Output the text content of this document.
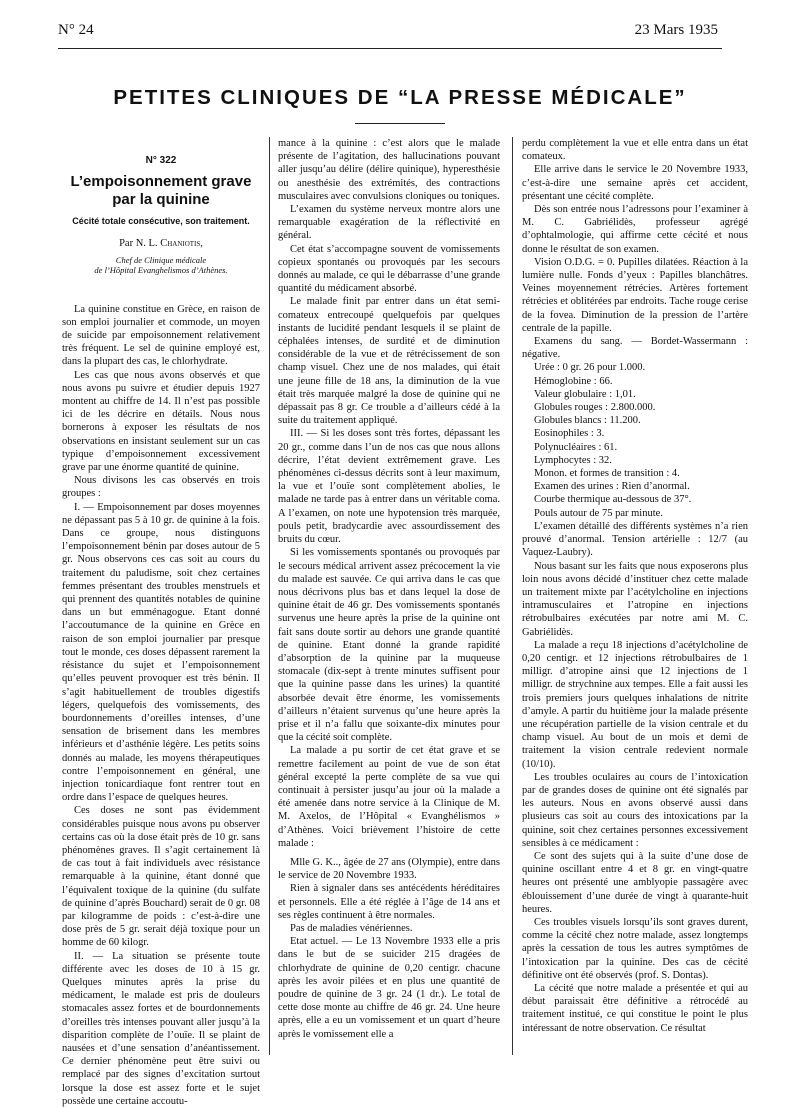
N° 24	23 Mars 1935
PETITES CLINIQUES DE “LA PRESSE MÉDICALE”
N° 322
L’empoisonnement grave
par la quinine
Cécité totale consécutive, son traitement.
Par N. L. Chaniotis,
Chef de Clinique médicale
de l’Hôpital Evanghelismos d’Athènes.

La quinine constitue en Grèce, en raison de son emploi journalier et commode, un moyen de suicide par empoisonnement relativement très fréquent. Le sel de quinine employé est, dans la plupart des cas, le chlorhydrate.

Les cas que nous avons observés et que nous avons pu suivre et étudier depuis 1927 montent au chiffre de 14. Il n’est pas possible ici de les décrire en détails. Nous nous bornerons à exposer les résultats de nos observations en insistant seulement sur un cas typique d’empoisonnement excessivement grave par une énorme quantité de quinine.

Nous divisons les cas observés en trois groupes :

I. — Empoisonnement par doses moyennes ne dépassant pas 5 à 10 gr. de quinine à la fois. Dans ce groupe, nous distinguons l’empoisonnement bénin par doses autour de 5 gr. Nous observons ces cas soit au cours du traitement du paludisme, soit chez certaines femmes présentant des troubles menstruels et qui prennent des quantités notables de quinine dans un but emménagogue. Etant donné l’accoutumance de la quinine en Grèce en raison de son emploi journalier par presque tout le monde, ces doses dépassent rarement la résistance du sujet et l’empoisonnement qu’elles peuvent provoquer est très bénin. Il s’agit habituellement de troubles digestifs légers, quelquefois des vomissements, des bourdonnements d’oreilles intenses, d’une sensation de brisement dans les membres inférieurs et d’asthénie légère. Les petits soins donnés au malade, les moyens thérapeutiques contre l’empoisonnement en général, une injection tonicardiaque font rentrer tout en ordre dans l’espace de quelques heures.

Ces doses ne sont pas évidemment considérables puisque nous avons pu observer certains cas où la dose était près de 10 gr. sans phénomènes graves. Il s’agit certainement là de cas tout à fait individuels avec résistance remarquable à la quinine, étant donné que l’équivalent toxique de la quinine (du sulfate de quinine d’après Bouchard) serait de 0 gr. 08 par kilogramme de poids : c’est-à-dire une dose près de 5 gr. serait déjà toxique pour un homme de 60 kilogr.

II. — La situation se présente toute différente avec les doses de 10 à 15 gr. Quelques minutes après la prise du médicament, le malade est pris de douleurs stomacales assez fortes et de bourdonnements d’oreilles très intenses pouvant aller jusqu’à la disparition complète de l’ouïe. Il se plaint de nausées et d’une sensation d’anéantissement. Ce dernier phénomène peut être suivi ou remplacé par des signes d’excitation surtout lorsque la dose est assez forte et le sujet possède une certaine accoutu-

mance à la quinine : c’est alors que le malade présente de l’agitation, des hallucinations pouvant aller jusqu’au délire (délire quinique), hyperesthésie ou anesthésie des extrémités, des contractions musculaires avec convulsions cloniques ou toniques.

L’examen du système nerveux montre alors une remarquable exagération de la réflectivité en général.

Cet état s’accompagne souvent de vomissements copieux spontanés ou provoqués par les secours donnés au malade, ce qui le débarrasse d’une grande quantité du médicament absorbé.

Le malade finit par entrer dans un état semi-comateux entrecoupé quelquefois par quelques instants de lucidité pendant lesquels il se plaint de céphalées intenses, de surdité et de diminution considérable de la vue et de rétrécissement de son champ visuel. Chez une de nos malades, qui était une jeune fille de 18 ans, la diminution de la vue était très marquée malgré la dose de quinine qui ne dépassait pas 8 gr. Ce trouble a d’ailleurs cédé à la suite du traitement appliqué.

III. — Si les doses sont très fortes, dépassant les 20 gr., comme dans l’un de nos cas que nous allons décrire, l’état devient extrêmement grave. Les phénomènes ci-dessus décrits sont à leur maximum, la vue et l’ouïe sont complètement abolies, le malade ne tarde pas à entrer dans un véritable coma. A l’examen, on note une hypotension très marquée, pouls petit, bradycardie avec assourdissement des bruits du cœur.

Si les vomissements spontanés ou provoqués par le secours médical arrivent assez précocement la vie du malade est sauvée. Ce qui arriva dans le cas que nous décrivons plus bas et dans lequel la dose de quinine était de 46 gr. Des vomissements spontanés survenus une heure après la prise de la quinine ont fait sans doute sortir au dehors une grande quantité de quinine. Etant donné la grande rapidité d’absorption de la quinine par la muqueuse stomacale (dix-sept à trente minutes suffisent pour que la quinine passe dans les urines) la quantité absorbée devait être énorme, les vomissements d’ailleurs n’étaient survenus qu’une heure après la prise et il n’a fallu que soixante-dix minutes pour que la cécité soit complète.

La malade a pu sortir de cet état grave et se remettre facilement au point de vue de son état général excepté la perte complète de sa vue qui continuait à persister jusqu’au jour où la malade a été amenée dans notre service à la Clinique de M. M. Axelos, de l’Hôpital « Evanghélismos » d’Athènes. Voici brièvement l’histoire de cette malade :

Mlle G. K.., âgée de 27 ans (Olympie), entre dans le service de 20 Novembre 1933.

Rien à signaler dans ses antécédents héréditaires et personnels. Elle a été réglée à l’âge de 14 ans et ses règles continuent à être normales.

Pas de maladies vénériennes.

Etat actuel. — Le 13 Novembre 1933 elle a pris dans le but de se suicider 215 dragées de chlorhydrate de quinine de 0,20 centigr. chacune après les avoir pilées et en plus une quantité de poudre de quinine de 3 gr. 24 (1 dr.). Le total de cette dose monte au chiffre de 46 gr. 24. Une heure après, elle a eu un vomissement et un quart d’heure après le vomissement elle a

perdu complètement la vue et elle entra dans un état comateux.

Elle arrive dans le service le 20 Novembre 1933, c’est-à-dire une semaine après cet accident, présentant une cécité complète.

Dès son entrée nous l’adressons pour l’examiner à M. C. Gabriélidès, professeur agrégé d’ophtalmologie, qui affirme cette cécité et nous donne le résultat de son examen.

Vision O.D.G. = 0. Pupilles dilatées. Réaction à la lumière nulle. Fonds d’yeux : Papilles blanchâtres. Veines moyennement rétrécies. Artères fortement rétrécies et oblitérées par endroits. Tache rouge cerise de la fovea. Diminution de la pression de l’artère centrale de la papille.

Examens du sang. — Bordet-Wassermann : négative.

Urée : 0 gr. 26 pour 1.000.

Hémoglobine : 66.

Valeur globulaire : 1,01.

Globules rouges : 2.800.000.

Globules blancs : 11.200.

Eosinophiles : 3.

Polynucléaires : 61.

Lymphocytes : 32.

Monon. et formes de transition : 4.

Examen des urines : Rien d’anormal.

Courbe thermique au-dessous de 37°.

Pouls autour de 75 par minute.

L’examen détaillé des différents systèmes n’a rien prouvé d’anormal. Tension artérielle : 12/7 (au Vaquez-Laubry).

Nous basant sur les faits que nous exposerons plus loin nous avons décidé d’instituer chez cette malade un traitement mixte par l’acétylcholine en injections intramusculaires et l’atropine en injections rétrobulbaires exécutées par notre ami M. C. Gabriélidès.

La malade a reçu 18 injections d’acétylcholine de 0,20 centigr. et 12 injections rétrobulbaires de 1 milligr. d’atropine ainsi que 12 injections de 1 milligr. de strychnine aux tempes. Elle a fait aussi les trois premiers jours quelques inhalations de nitrite d’amyle. A partir du huitième jour la malade présente une récupération partielle de la vision centrale et du champ visuel. Au bout de un mois et demi de traitement la vision centrale redevient normale (10/10).

Les troubles oculaires au cours de l’intoxication par de grandes doses de quinine ont été signalés par les auteurs. Nous en avons observé aussi dans plusieurs cas soit au cours des intoxications par la quinine, soit chez certaines personnes excessivement sensibles à ce médicament :

Ce sont des sujets qui à la suite d’une dose de quinine oscillant entre 4 et 8 gr. en vingt-quatre heures ont présenté une amblyopie passagère avec éblouissement d’une durée de vingt à quarante-huit heures.

Ces troubles visuels lorsqu’ils sont graves durent, comme la cécité chez notre malade, assez longtemps après la cessation de tous les autres symptômes de l’intoxication par la quinine. Des cas de cécité définitive ont été observés (prof. S. Dontas).

La cécité que notre malade a présentée et qui au début paraissait être définitive a rétrocédé au traitement institué, ce qui constitue le point le plus intéressant de notre observation. Ce résultat
